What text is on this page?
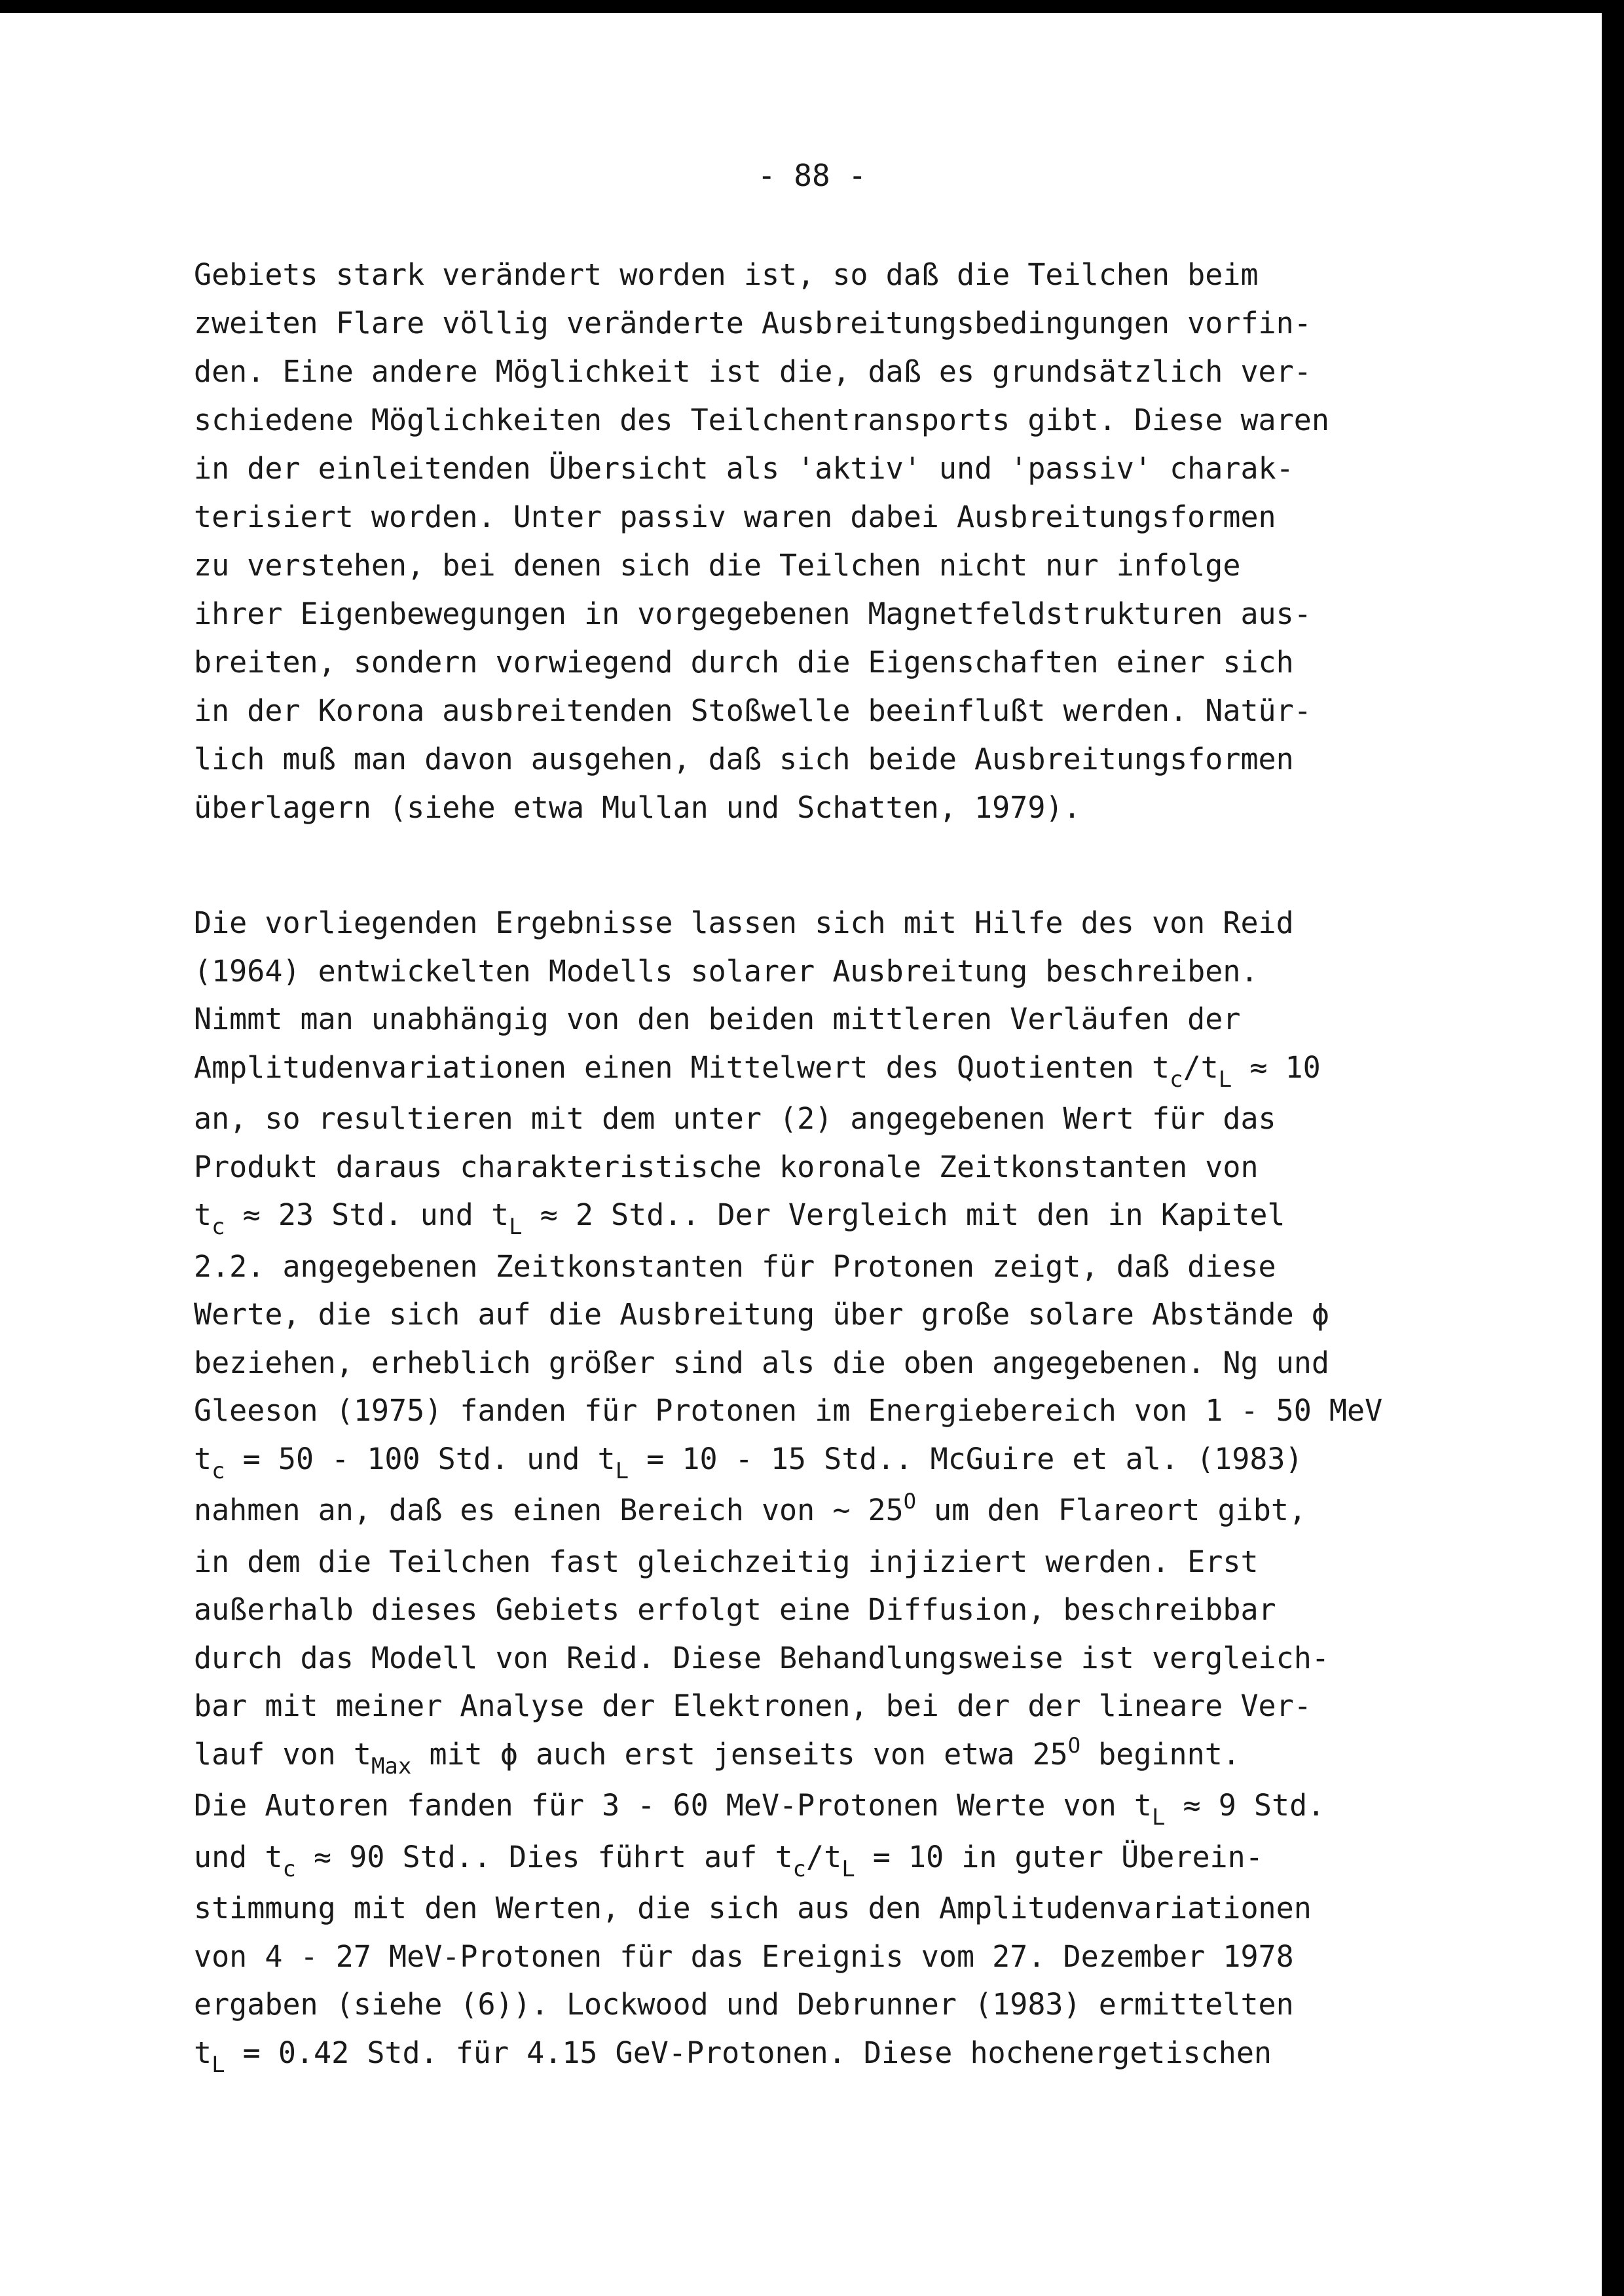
- 88 -
Gebiets stark verändert worden ist, so daß die Teilchen beim
zweiten Flare völlig veränderte Ausbreitungsbedingungen vorfin-
den. Eine andere Möglichkeit ist die, daß es grundsätzlich ver-
schiedene Möglichkeiten des Teilchentransports gibt. Diese waren
in der einleitenden Übersicht als 'aktiv' und 'passiv' charak-
terisiert worden. Unter passiv waren dabei Ausbreitungsformen
zu verstehen, bei denen sich die Teilchen nicht nur infolge
ihrer Eigenbewegungen in vorgegebenen Magnetfeldstrukturen aus-
breiten, sondern vorwiegend durch die Eigenschaften einer sich
in der Korona ausbreitenden Stoßwelle beeinflußt werden. Natür-
lich muß man davon ausgehen, daß sich beide Ausbreitungsformen
überlagern (siehe etwa Mullan und Schatten, 1979).
Die vorliegenden Ergebnisse lassen sich mit Hilfe des von Reid
(1964) entwickelten Modells solarer Ausbreitung beschreiben.
Nimmt man unabhängig von den beiden mittleren Verläufen der
Amplitudenvariationen einen Mittelwert des Quotienten $t_c/t_L \approx 10$
an, so resultieren mit dem unter (2) angegebenen Wert für das
Produkt daraus charakteristische koronale Zeitkonstanten von
$t_c \approx 23$ Std. und $t_L \approx 2$ Std.. Der Vergleich mit den in Kapitel
2.2. angegebenen Zeitkonstanten für Protonen zeigt, daß diese
Werte, die sich auf die Ausbreitung über große solare Abstände ϕ
beziehen, erheblich größer sind als die oben angegebenen. Ng und
Gleeson (1975) fanden für Protonen im Energiebereich von 1 - 50 MeV
$t_c = 50 - 100$ Std. und $t_L = 10 - 15$ Std.. McGuire et al. (1983)
nahmen an, daß es einen Bereich von ~ $25^O$ um den Flareort gibt,
in dem die Teilchen fast gleichzeitig injiziert werden. Erst
außerhalb dieses Gebiets erfolgt eine Diffusion, beschreibbar
durch das Modell von Reid. Diese Behandlungsweise ist vergleich-
bar mit meiner Analyse der Elektronen, bei der der lineare Ver-
lauf von $t_{Max}$ mit ϕ auch erst jenseits von etwa $25^O$ beginnt.
Die Autoren fanden für 3 - 60 MeV-Protonen Werte von $t_L \approx 9$ Std.
und $t_c \approx 90$ Std.. Dies führt auf $t_c/t_L = 10$ in guter Überein-
stimmung mit den Werten, die sich aus den Amplitudenvariationen
von 4 - 27 MeV-Protonen für das Ereignis vom 27. Dezember 1978
ergaben (siehe (6)). Lockwood und Debrunner (1983) ermittelten
$t_L = 0.42$ Std. für 4.15 GeV-Protonen. Diese hochenergetischen
